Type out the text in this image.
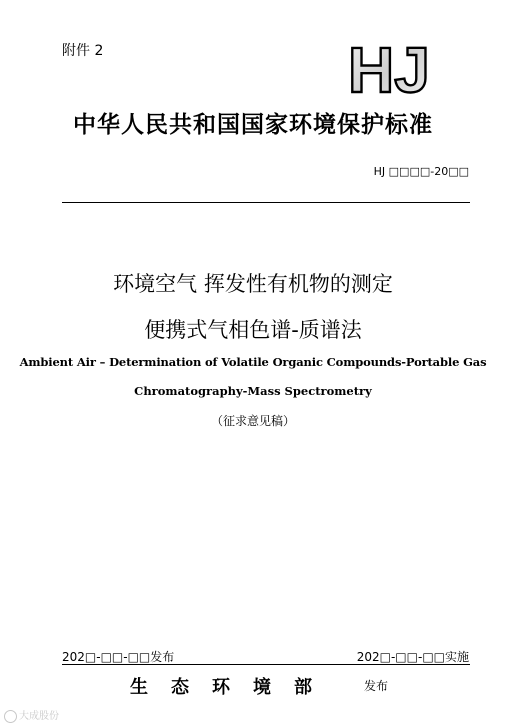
附件 2	HJ
中华人民共和国国家环境保护标准
HJ □□□□-20□□
环境空气 挥发性有机物的测定
便携式气相色谱-质谱法
Ambient Air – Determination of Volatile Organic Compounds-Portable Gas
Chromatography-Mass Spectrometry
（征求意见稿）
202□-□□-□□发布	202□-□□-□□实施
生态环境部 发布
大成股份
